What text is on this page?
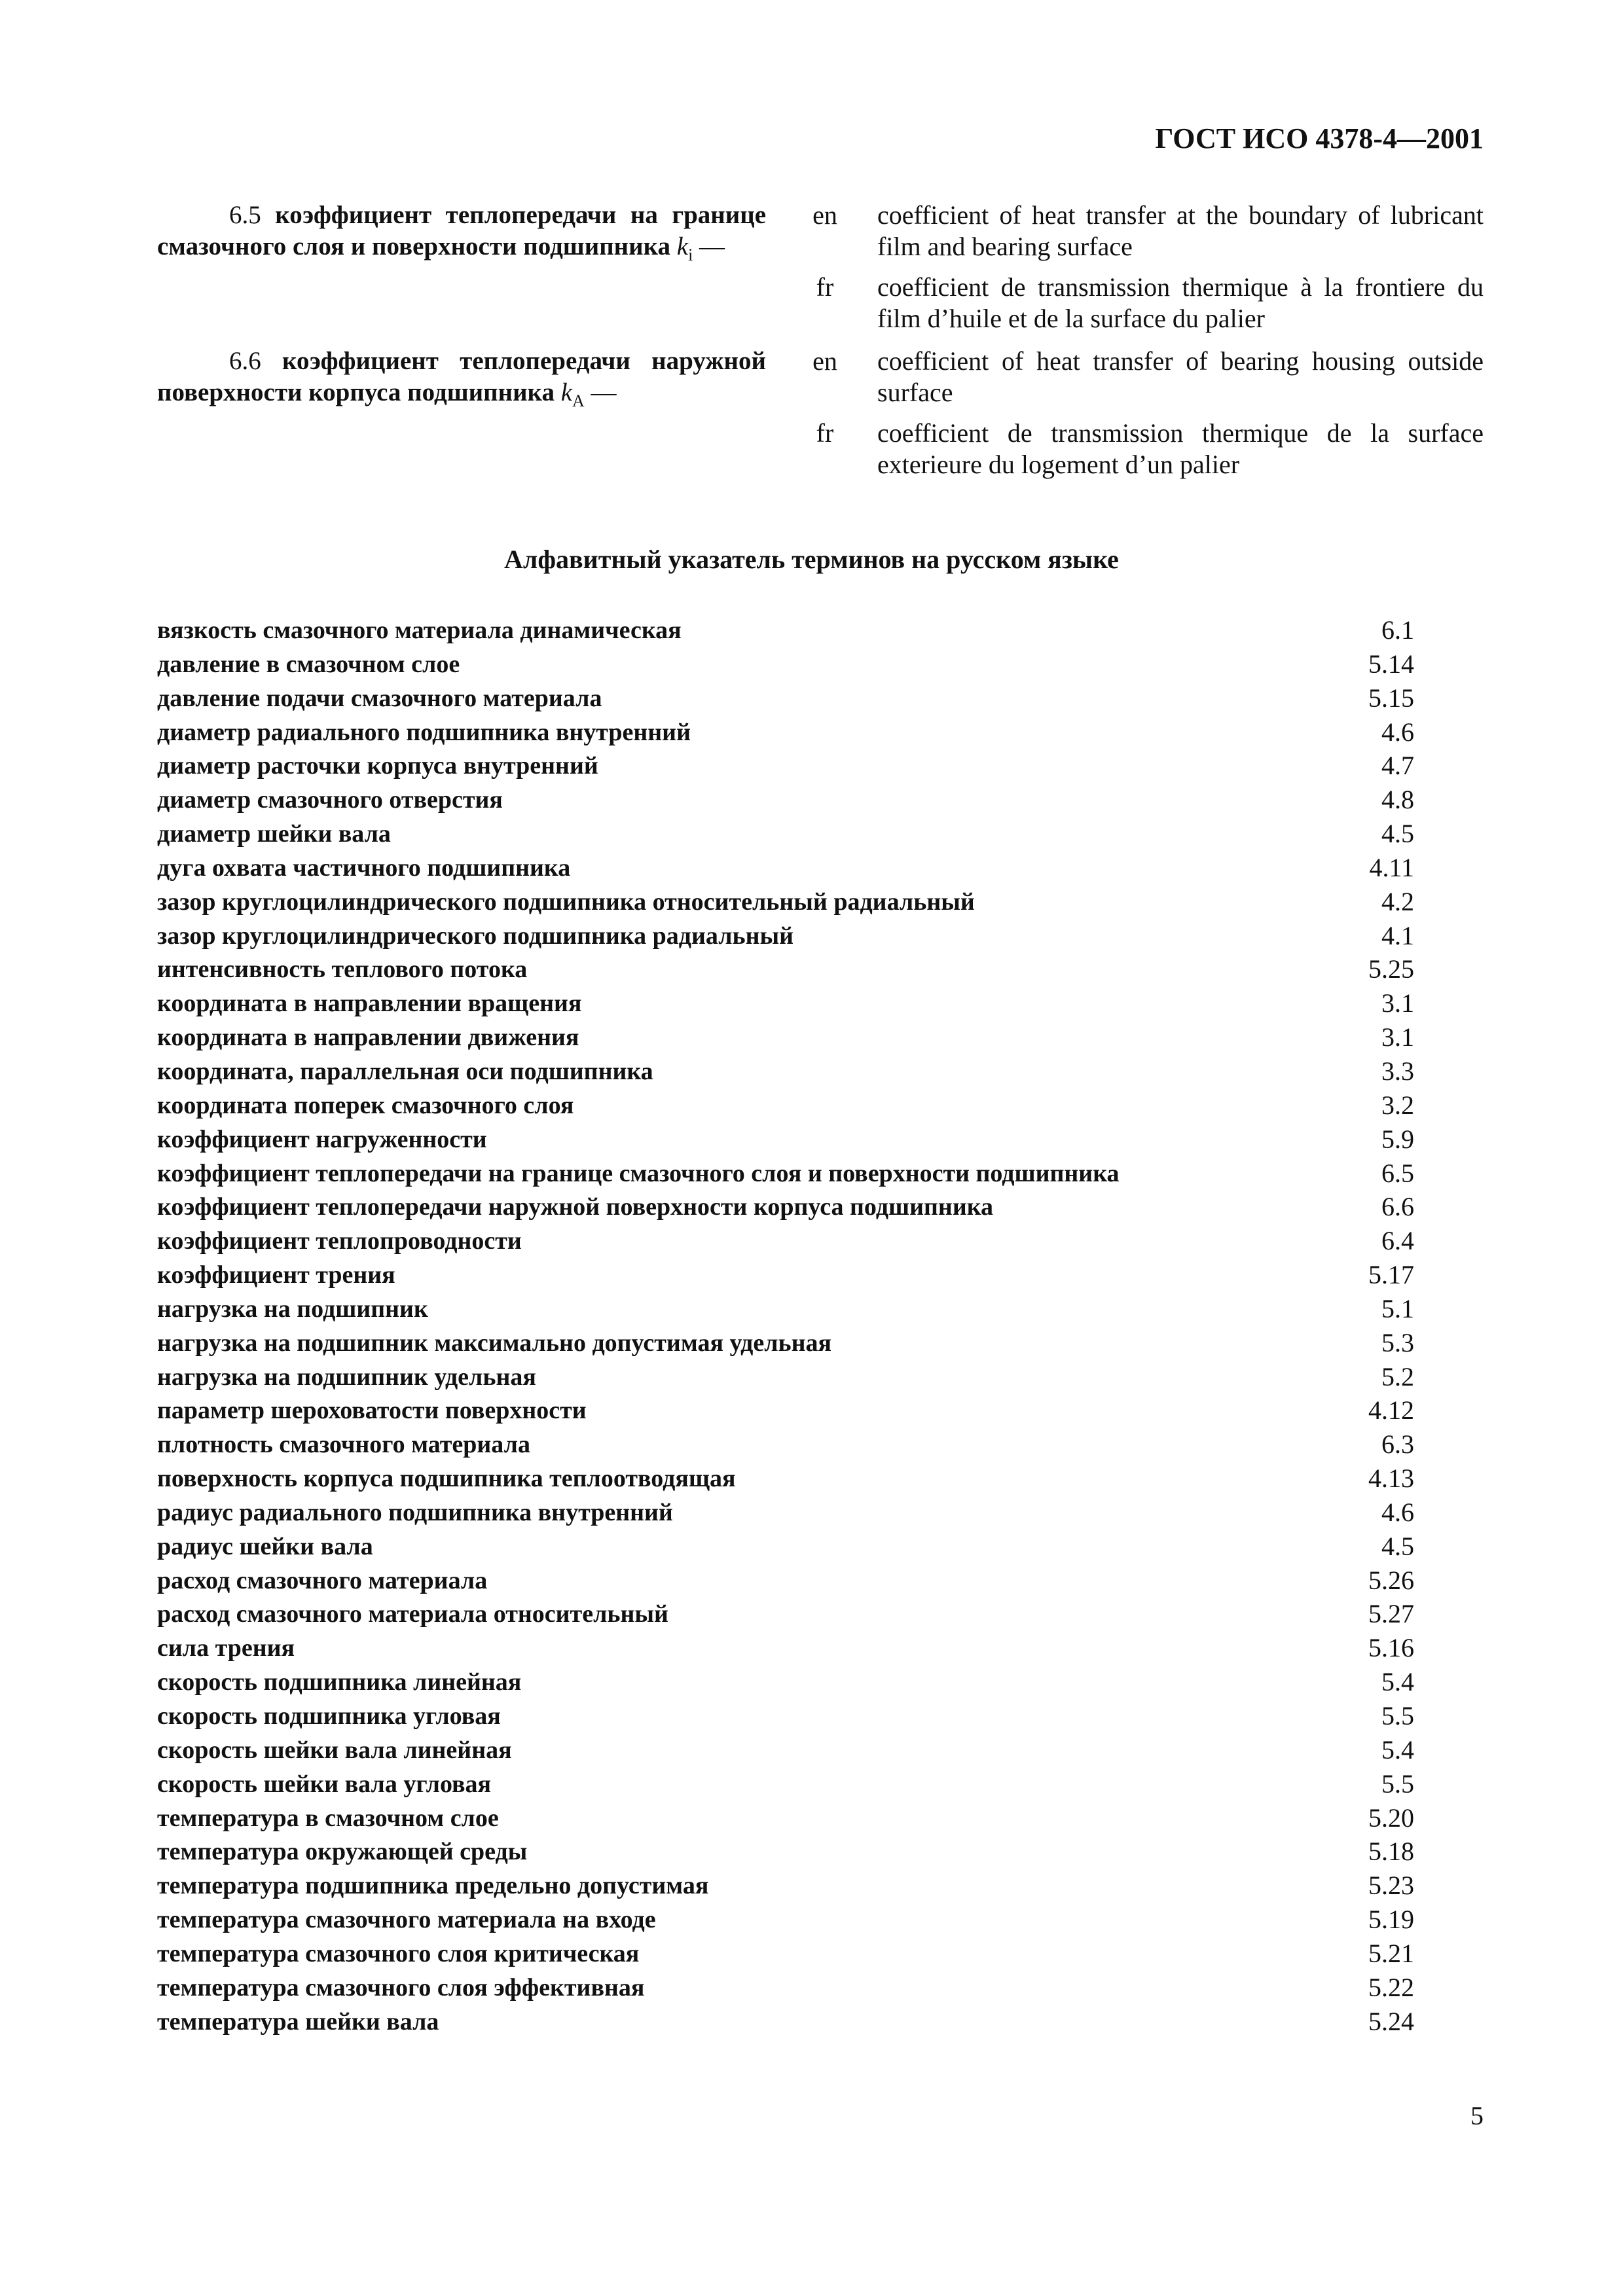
ГОСТ ИСО 4378-4—2001
6.5 коэффициент теплопередачи на границе смазочного слоя и поверхности подшипника $k_i$ —
en	coefficient of heat transfer at the boundary of lubricant film and bearing surface
fr	coefficient de transmission thermique à la frontiere du film d’huile et de la surface du palier
6.6 коэффициент теплопередачи наружной поверхности корпуса подшипника $k_A$ —
en	coefficient of heat transfer of bearing housing outside surface
fr	coefficient de transmission thermique de la surface exterieure du logement d’un palier
Алфавитный указатель терминов на русском языке
вязкость смазочного материала динамическая	6.1
давление в смазочном слое	5.14
давление подачи смазочного материала	5.15
диаметр радиального подшипника внутренний	4.6
диаметр расточки корпуса внутренний	4.7
диаметр смазочного отверстия	4.8
диаметр шейки вала	4.5
дуга охвата частичного подшипника	4.11
зазор круглоцилиндрического подшипника относительный радиальный	4.2
зазор круглоцилиндрического подшипника радиальный	4.1
интенсивность теплового потока	5.25
координата в направлении вращения	3.1
координата в направлении движения	3.1
координата, параллельная оси подшипника	3.3
координата поперек смазочного слоя	3.2
коэффициент нагруженности	5.9
коэффициент теплопередачи на границе смазочного слоя и поверхности подшипника	6.5
коэффициент теплопередачи наружной поверхности корпуса подшипника	6.6
коэффициент теплопроводности	6.4
коэффициент трения	5.17
нагрузка на подшипник	5.1
нагрузка на подшипник максимально допустимая удельная	5.3
нагрузка на подшипник удельная	5.2
параметр шероховатости поверхности	4.12
плотность смазочного материала	6.3
поверхность корпуса подшипника теплоотводящая	4.13
радиус радиального подшипника внутренний	4.6
радиус шейки вала	4.5
расход смазочного материала	5.26
расход смазочного материала относительный	5.27
сила трения	5.16
скорость подшипника линейная	5.4
скорость подшипника угловая	5.5
скорость шейки вала линейная	5.4
скорость шейки вала угловая	5.5
температура в смазочном слое	5.20
температура окружающей среды	5.18
температура подшипника предельно допустимая	5.23
температура смазочного материала на входе	5.19
температура смазочного слоя критическая	5.21
температура смазочного слоя эффективная	5.22
температура шейки вала	5.24
5
